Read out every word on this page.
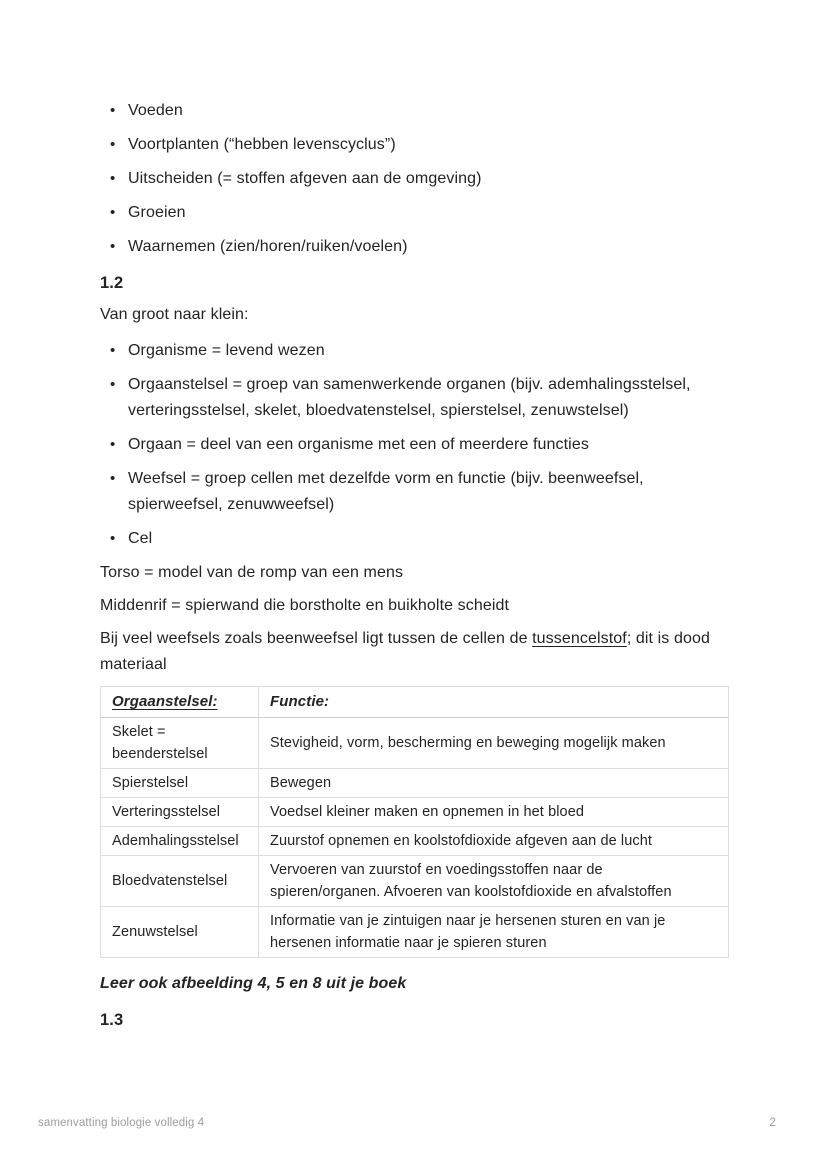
• Voeden
• Voortplanten (“hebben levenscyclus”)
• Uitscheiden (= stoffen afgeven aan de omgeving)
• Groeien
• Waarnemen (zien/horen/ruiken/voelen)
1.2

Van groot naar klein:

• Organisme = levend wezen
• Orgaanstelsel = groep van samenwerkende organen (bijv. ademhalingsstelsel, verteringsstelsel, skelet, bloedvatenstelsel, spierstelsel, zenuwstelsel)
• Orgaan = deel van een organisme met een of meerdere functies
• Weefsel = groep cellen met dezelfde vorm en functie (bijv. beenweefsel, spierweefsel, zenuwweefsel)
• Cel

Torso = model van de romp van een mens

Middenrif = spierwand die borstholte en buikholte scheidt

Bij veel weefsels zoals beenweefsel ligt tussen de cellen de tussencelstof; dit is dood materiaal

Orgaanstelsel:	Functie:
Skelet = beenderstelsel	Stevigheid, vorm, bescherming en beweging mogelijk maken
Spierstelsel	Bewegen
Verteringsstelsel	Voedsel kleiner maken en opnemen in het bloed
Ademhalingsstelsel	Zuurstof opnemen en koolstofdioxide afgeven aan de lucht
Bloedvatenstelsel	Vervoeren van zuurstof en voedingsstoffen naar de spieren/organen. Afvoeren van koolstofdioxide en afvalstoffen
Zenuwstelsel	Informatie van je zintuigen naar je hersenen sturen en van je hersenen informatie naar je spieren sturen

Leer ook afbeelding 4, 5 en 8 uit je boek

1.3
samenvatting biologie volledig 4	2
